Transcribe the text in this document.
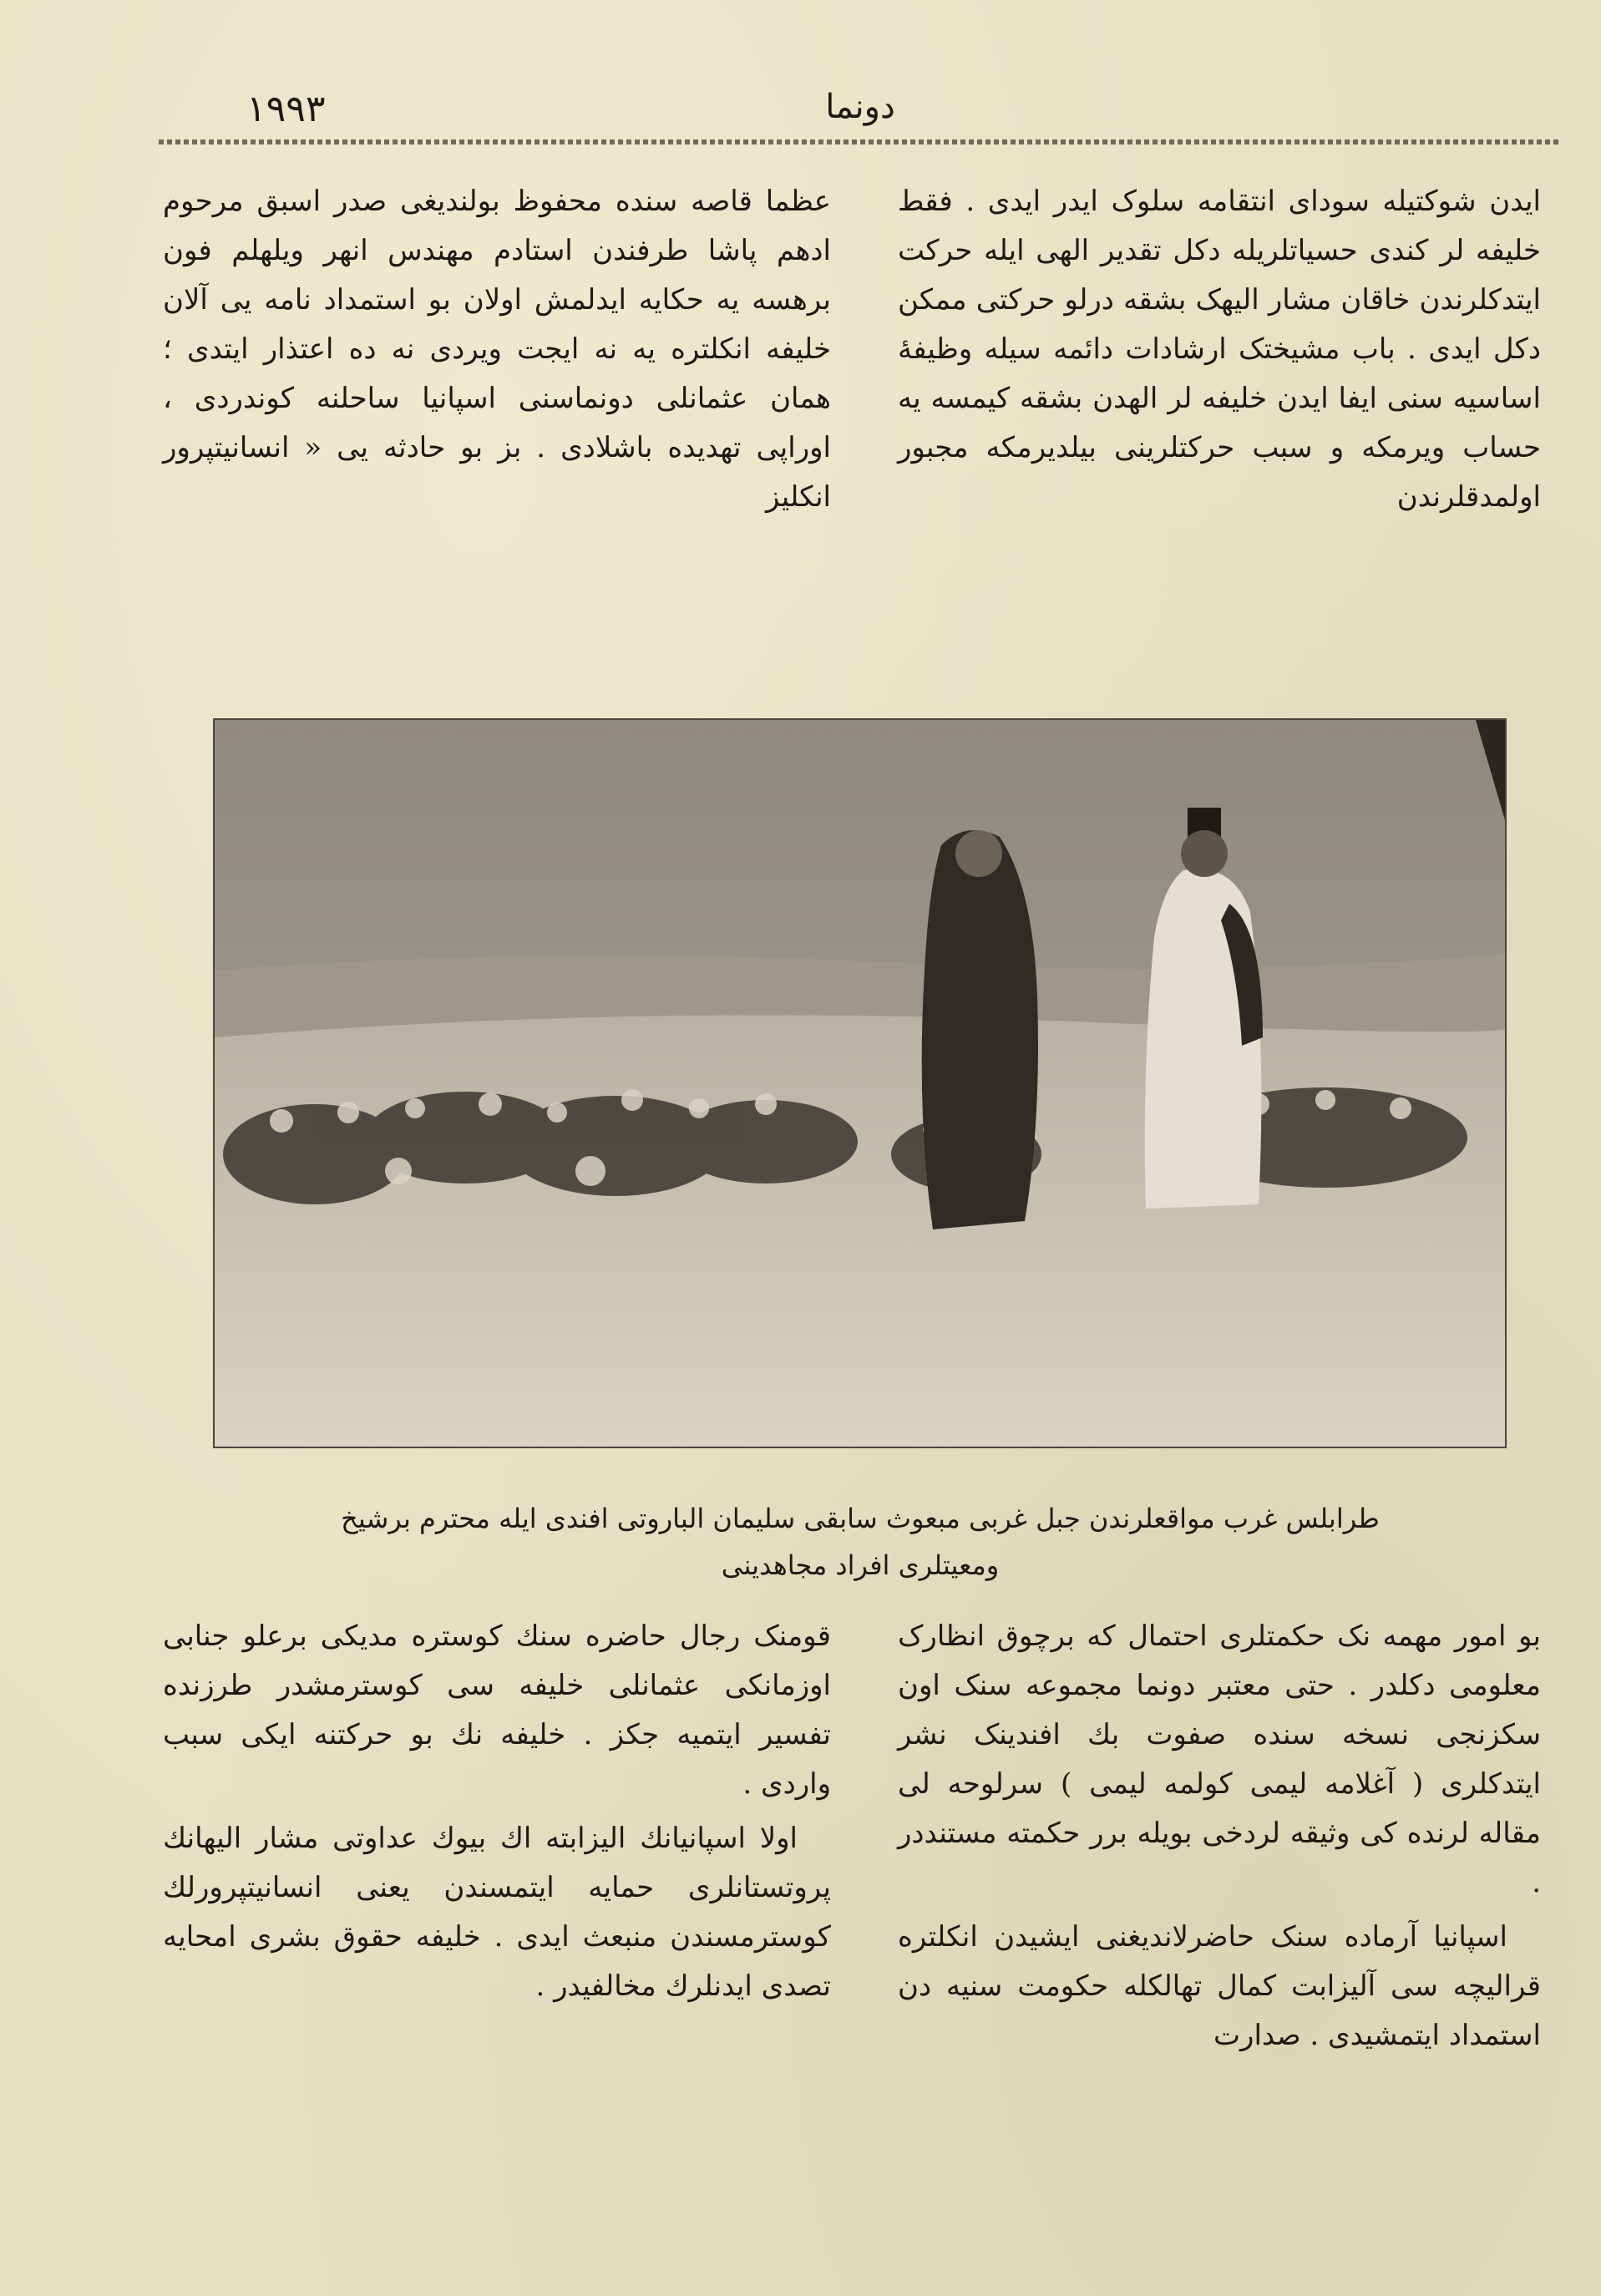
١٩٩٣	دونما

ایدن شوکتیله سودای انتقامه سلوک ایدر ایدی . فقط خلیفه لر کندی حسیاتلریله دکل تقدیر الهی ایله حرکت ایتدکلرندن خاقان مشار الیهک بشقه درلو حرکتی ممکن دکل ایدی . باب مشیختک ارشادات دائمه سیله وظیفهٔ اساسیه سنی ایفا ایدن خلیفه لر الهدن بشقه کیمسه یه حساب ویرمکه و سبب حرکتلرینی بیلدیرمکه مجبور اولمدقلرندن

عظما قاصه سنده محفوظ بولندیغی صدر اسبق مرحوم ادهم پاشا طرفندن استادم مهندس انهر ویلهلم فون برهسه یه حکایه ایدلمش اولان بو استمداد نامه یی آلان خلیفه انکلتره یه نه ایجت ویردی نه ده اعتذار ایتدی ؛ همان عثمانلی دونماسنی اسپانیا ساحلنه کوندردی ، اوراپی تهدیده باشلادی . بز بو حادثه یی « انسانیتپرور انکلیز

طرابلس غرب مواقعلرندن جبل غربی مبعوث سابقی سلیمان الباروتی افندی ایله محترم برشیخ
ومعیتلری افراد مجاهدینی

بو امور مهمه نک حکمتلری احتمال که برچوق انظارک معلومی دکلدر . حتی معتبر دونما مجموعه سنک اون سکزنجی نسخه سنده صفوت بك افندینک نشر ایتدکلری ( آغلامه لیمی کولمه لیمی ) سرلوحه لی مقاله لرنده کی وثیقه لردخی بویله برر حکمته مستنددر .

اسپانیا آرماده سنک حاضرلاندیغنی ایشیدن انکلتره قرالیچه سی آلیزابت کمال تهالکله حکومت سنیه دن استمداد ایتمشیدی . صدارت

قومنک رجال حاضره سنك کوستره مدیکی برعلو جنابی اوزمانکی عثمانلی خلیفه سی کوسترمشدر طرزنده تفسیر ایتمیه جکز . خلیفه نك بو حرکتنه ایکی سبب واردی .

اولا اسپانیانك الیزابته اك بیوك عداوتی مشار الیهانك پروتستانلری حمایه ایتمسندن یعنی انسانیتپرورلك کوسترمسندن منبعث ایدی . خلیفه حقوق بشری امحایه تصدی ایدنلرك مخالفیدر .
